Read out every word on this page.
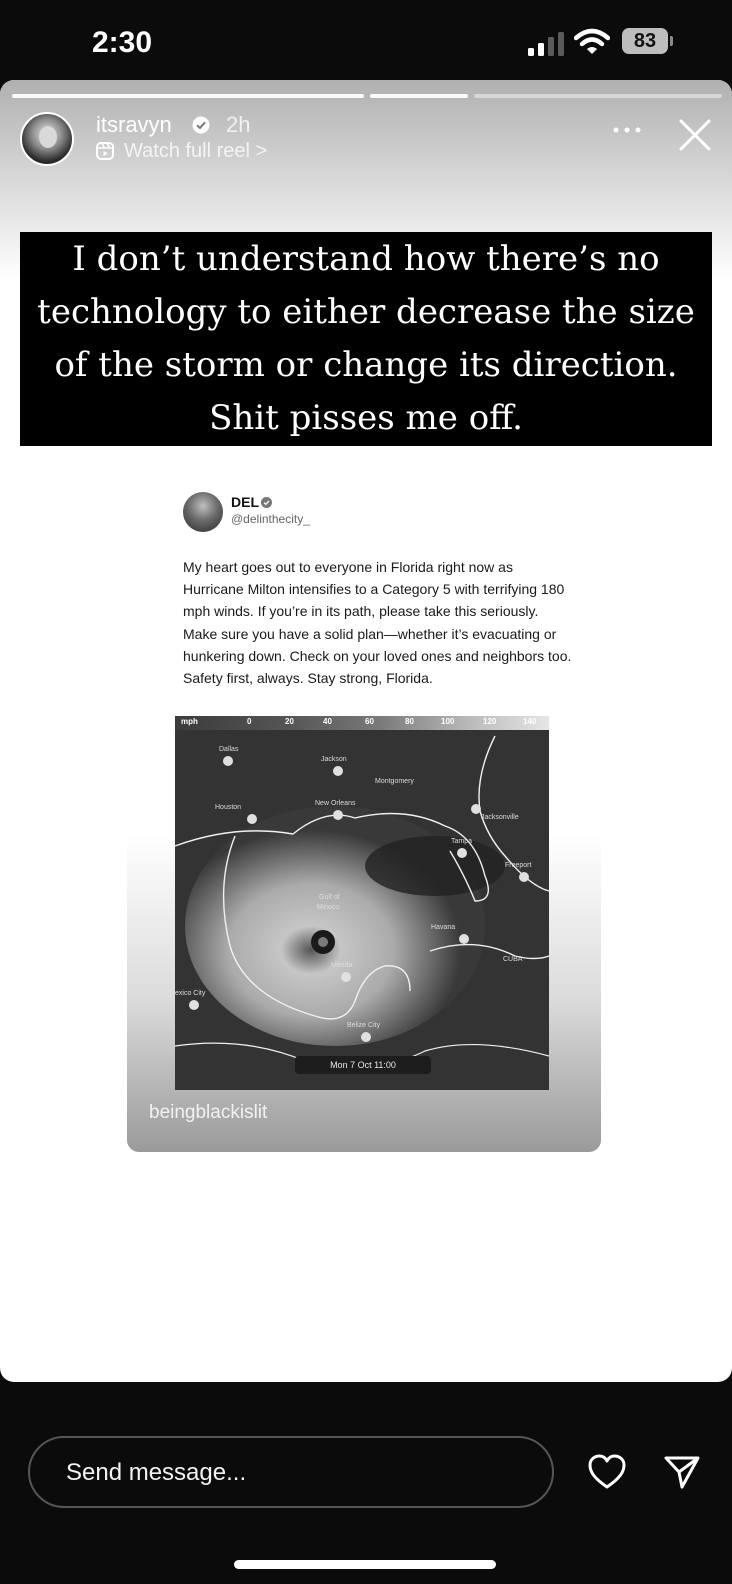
2:30	83
itsravyn 2h
Watch full reel >
I don’t understand how there’s no technology to either decrease the size of the storm or change its direction. Shit pisses me off.
DEL
@delinthecity_
My heart goes out to everyone in Florida right now as Hurricane Milton intensifies to a Category 5 with terrifying 180 mph winds. If you’re in its path, please take this seriously. Make sure you have a solid plan—whether it’s evacuating or hunkering down. Check on your loved ones and neighbors too. Safety first, always. Stay strong, Florida.
mph	0	20	40	60	80	100	120	140
Dallas
Jackson
Montgomery
Houston
New Orleans
Jacksonville
Tampa
Freeport
Gulf of
Mexico
Havana
CUBA
Merida
Belize City
exico City
Mon 7 Oct 11:00
beingblackislit
Send message...
